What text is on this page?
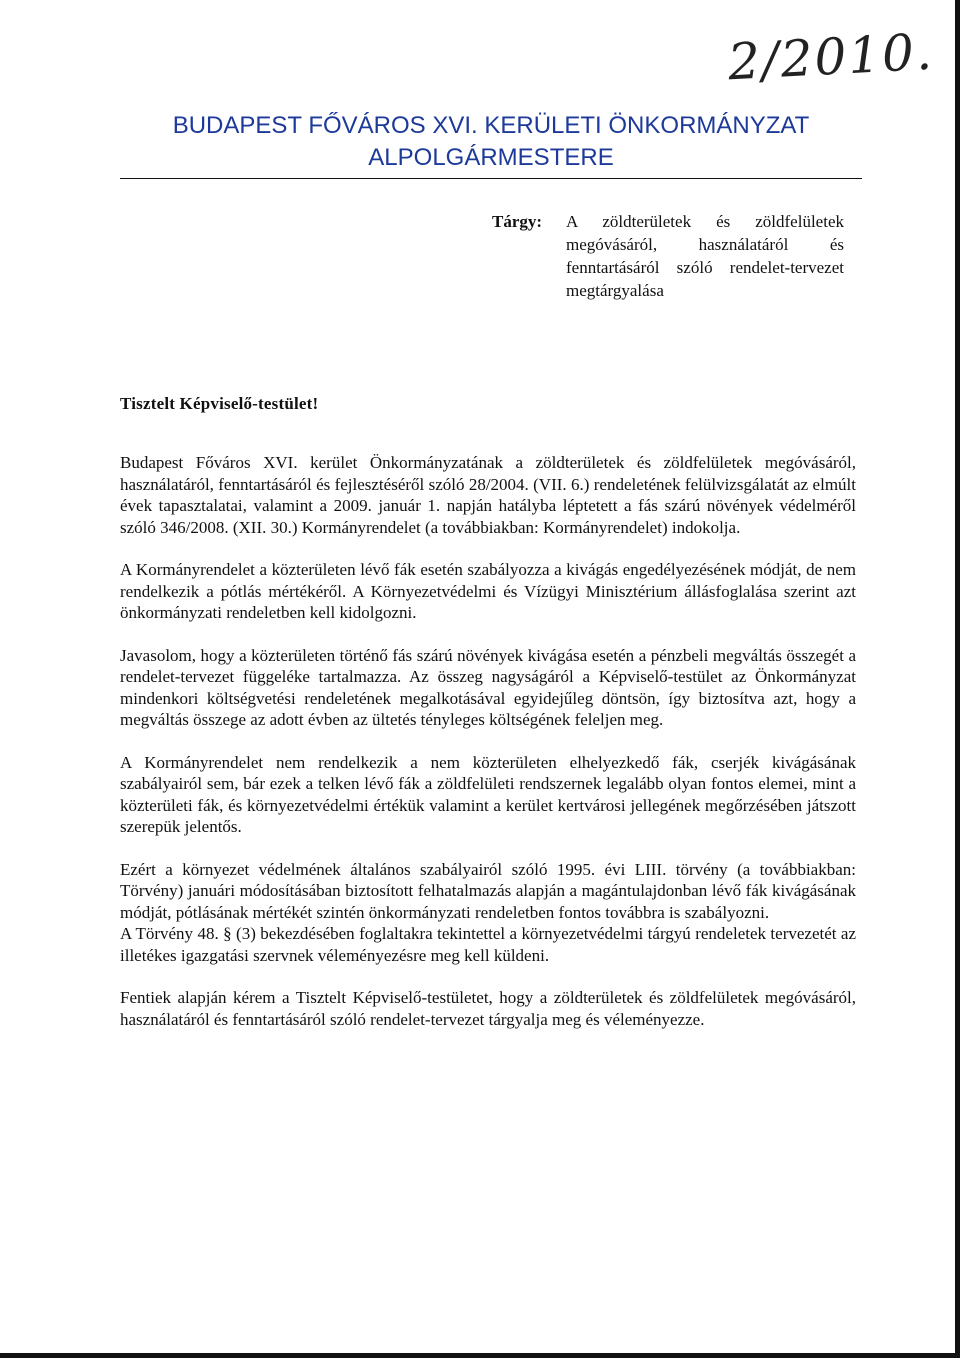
2/2010.
BUDAPEST FŐVÁROS XVI. KERÜLETI ÖNKORMÁNYZAT
ALPOLGÁRMESTERE
Tárgy: A zöldterületek és zöldfelületek megóvásáról, használatáról és fenntartásáról szóló rendelet-tervezet megtárgyalása
Tisztelt Képviselő-testület!

Budapest Főváros XVI. kerület Önkormányzatának a zöldterületek és zöldfelületek megóvásáról, használatáról, fenntartásáról és fejlesztéséről szóló 28/2004. (VII. 6.) rendeletének felülvizsgálatát az elmúlt évek tapasztalatai, valamint a 2009. január 1. napján hatályba léptetett a fás szárú növények védelméről szóló 346/2008. (XII. 30.) Kormányrendelet (a továbbiakban: Kormányrendelet) indokolja.

A Kormányrendelet a közterületen lévő fák esetén szabályozza a kivágás engedélyezésének módját, de nem rendelkezik a pótlás mértékéről. A Környezetvédelmi és Vízügyi Minisztérium állásfoglalása szerint azt önkormányzati rendeletben kell kidolgozni.

Javasolom, hogy a közterületen történő fás szárú növények kivágása esetén a pénzbeli megváltás összegét a rendelet-tervezet függeléke tartalmazza. Az összeg nagyságáról a Képviselő-testület az Önkormányzat mindenkori költségvetési rendeletének megalkotásával egyidejűleg döntsön, így biztosítva azt, hogy a megváltás összege az adott évben az ültetés tényleges költségének feleljen meg.

A Kormányrendelet nem rendelkezik a nem közterületen elhelyezkedő fák, cserjék kivágásának szabályairól sem, bár ezek a telken lévő fák a zöldfelületi rendszernek legalább olyan fontos elemei, mint a közterületi fák, és környezetvédelmi értékük valamint a kerület kertvárosi jellegének megőrzésében játszott szerepük jelentős.

Ezért a környezet védelmének általános szabályairól szóló 1995. évi LIII. törvény (a továbbiakban: Törvény) januári módosításában biztosított felhatalmazás alapján a magántulajdonban lévő fák kivágásának módját, pótlásának mértékét szintén önkormányzati rendeletben fontos továbbra is szabályozni.

A Törvény 48. § (3) bekezdésében foglaltakra tekintettel a környezetvédelmi tárgyú rendeletek tervezetét az illetékes igazgatási szervnek véleményezésre meg kell küldeni.

Fentiek alapján kérem a Tisztelt Képviselő-testületet, hogy a zöldterületek és zöldfelületek megóvásáról, használatáról és fenntartásáról szóló rendelet-tervezet tárgyalja meg és véleményezze.
